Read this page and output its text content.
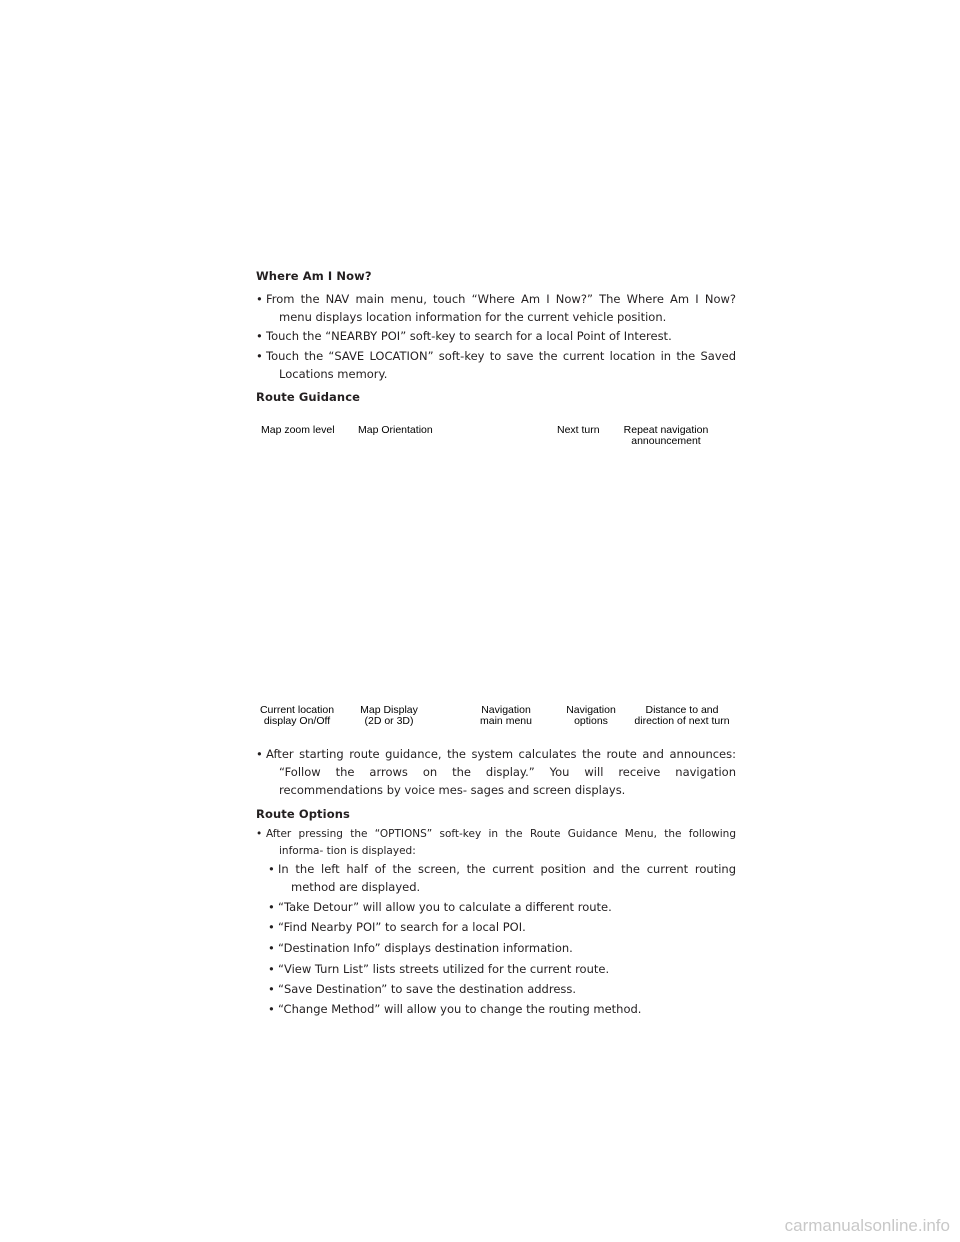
Where Am I Now?
• From the NAV main menu, touch “Where Am I Now?” The Where Am I Now? menu displays location information for the current vehicle position.
• Touch the “NEARBY POI” soft-key to search for a local Point of Interest.
• Touch the “SAVE LOCATION” soft-key to save the current location in the Saved Locations memory.
Route Guidance
Map zoom level Map Orientation	Next turn Repeat navigation
announcement
Current location
display On/Off
Map Display
(2D or 3D)
Navigation
main menu
Navigation
options
Distance to and
direction of next turn
• After starting route guidance, the system calculates the route and announces: “Follow the arrows on the display.” You will receive navigation recommendations by voice mes- sages and screen displays.
Route Options
• After pressing the “OPTIONS” soft-key in the Route Guidance Menu, the following informa- tion is displayed:
• In the left half of the screen, the current position and the current routing method are displayed.
• “Take Detour” will allow you to calculate a different route.
• “Find Nearby POI” to search for a local POI.
• “Destination Info” displays destination information.
• “View Turn List” lists streets utilized for the current route.
• “Save Destination” to save the destination address.
• “Change Method” will allow you to change the routing method.
carmanualsonline.info
